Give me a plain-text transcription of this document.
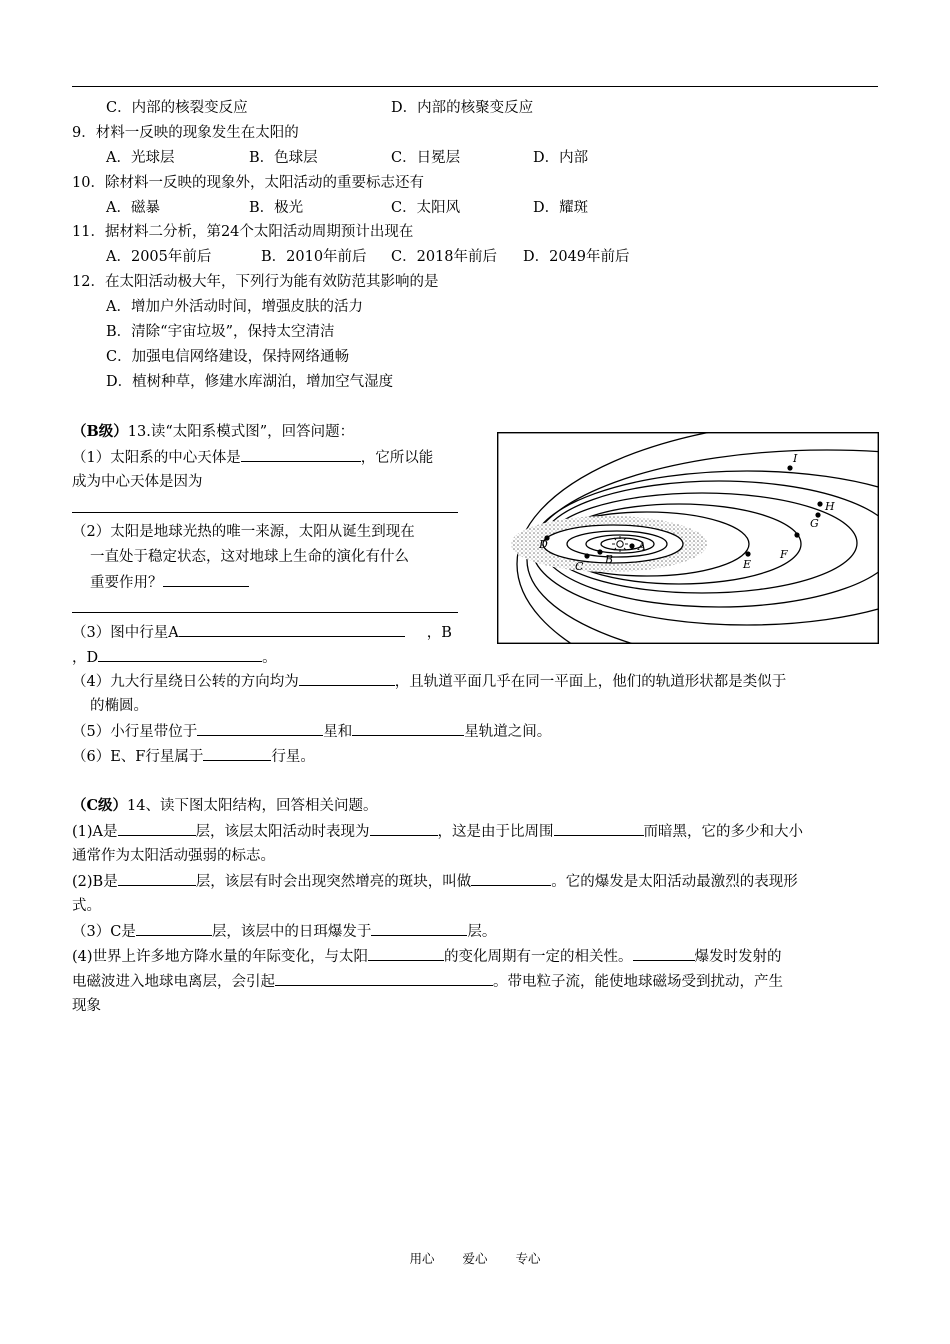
C．内部的核裂变反应	D．内部的核聚变反应
9．材料一反映的现象发生在太阳的
A．光球层	B．色球层	C．日冕层	D．内部
10．除材料一反映的现象外，太阳活动的重要标志还有
A．磁暴	B．极光	C．太阳风	D．耀斑
11．据材料二分析，第24个太阳活动周期预计出现在
A．2005年前后	B．2010年前后 C．2018年前后 D．2049年前后
12．在太阳活动极大年，下列行为能有效防范其影响的是
A．增加户外活动时间，增强皮肤的活力
B．清除“宇宙垃圾”，保持太空清洁
C．加强电信网络建设，保持网络通畅
D．植树种草，修建水库湖泊，增加空气湿度
（B级）13.读“太阳系模式图”，回答问题：
（1）太阳系的中心天体是	，它所以能
成为中心天体是因为
（2）太阳是地球光热的唯一来源，太阳从诞生到现在
一直处于稳定状态，这对地球上生命的演化有什么
重要作用？
（3）图中行星A	，B
，D	。
（4）九大行星绕日公转的方向均为	，且轨道平面几乎在同一平面上，他们的轨道形状都是类似于
的椭圆。
（5）小行星带位于	星和	星轨道之间。
（6）E、F行星属于	行星。
A
B
C
D
E
F
G
H
I
（C级）14、读下图太阳结构，回答相关问题。
(1)A是	层，该层太阳活动时表现为	，这是由于比周围	而暗黑，它的多少和大小
通常作为太阳活动强弱的标志。
(2)B是	层，该层有时会出现突然增亮的斑块，叫做	。它的爆发是太阳活动最激烈的表现形
式。
（3）C是	层，该层中的日珥爆发于	层。
(4)世界上许多地方降水量的年际变化，与太阳	的变化周期有一定的相关性。	爆发时发射的
电磁波进入地球电离层，会引起	。带电粒子流，能使地球磁场受到扰动，产生
现象
用心 爱心 专心
